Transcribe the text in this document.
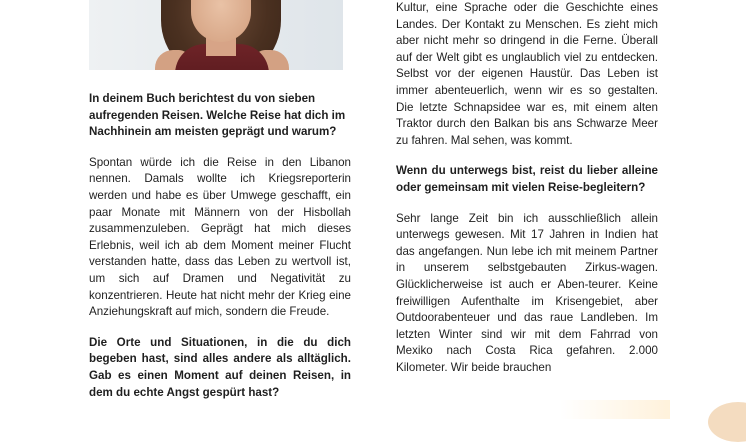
In deinem Buch berichtest du von sieben aufregenden Reisen. Welche Reise hat dich im Nachhinein am meisten geprägt und warum?

Spontan würde ich die Reise in den Libanon nennen. Damals wollte ich Kriegsreporterin werden und habe es über Umwege geschafft, ein paar Monate mit Männern von der Hisbollah zusammenzuleben. Geprägt hat mich dieses Erlebnis, weil ich ab dem Moment meiner Flucht verstanden hatte, dass das Leben zu wertvoll ist, um sich auf Dramen und Negativität zu konzentrieren. Heute hat nicht mehr der Krieg eine Anziehungskraft auf mich, sondern die Freude.

Die Orte und Situationen, in die du dich begeben hast, sind alles andere als alltäglich. Gab es einen Moment auf deinen Reisen, in dem du echte Angst gespürt hast?

Kultur, eine Sprache oder die Geschichte eines Landes. Der Kontakt zu Menschen. Es zieht mich aber nicht mehr so dringend in die Ferne. Überall auf der Welt gibt es unglaublich viel zu entdecken. Selbst vor der eigenen Haustür. Das Leben ist immer abenteuerlich, wenn wir es so gestalten. Die letzte Schnapsidee war es, mit einem alten Traktor durch den Balkan bis ans Schwarze Meer zu fahren. Mal sehen, was kommt.

Wenn du unterwegs bist, reist du lieber alleine oder gemeinsam mit vielen Reise-begleitern?

Sehr lange Zeit bin ich ausschließlich allein unterwegs gewesen. Mit 17 Jahren in Indien hat das angefangen. Nun lebe ich mit meinem Partner in unserem selbstgebauten Zirkus-wagen. Glücklicherweise ist auch er Aben-teurer. Keine freiwilligen Aufenthalte im Krisengebiet, aber Outdoorabenteuer und das raue Landleben. Im letzten Winter sind wir mit dem Fahrrad von Mexiko nach Costa Rica gefahren. 2.000 Kilometer. Wir beide brauchen
